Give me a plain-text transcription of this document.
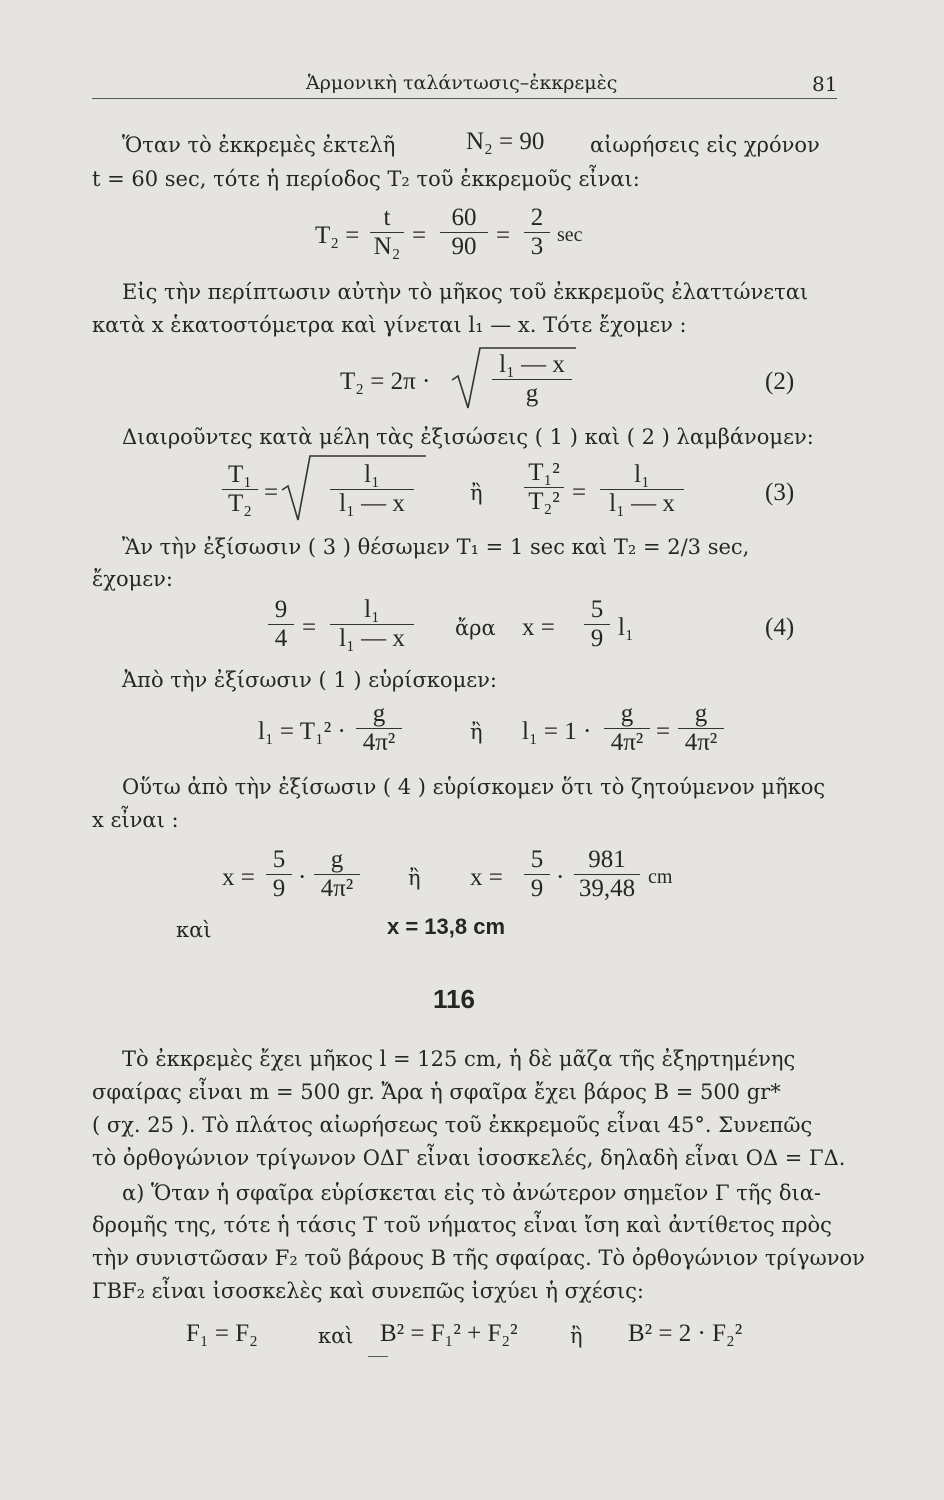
Ἁρμονικὴ ταλάντωσις–ἐκκρεμὲς	81
Ὅταν τὸ ἐκκρεμὲς ἐκτελῆ	N₂ = 90 αἰωρήσεις εἰς χρόνον
t = 60 sec, τότε ἡ περίοδος T₂ τοῦ ἐκκρεμοῦς εἶναι:
T₂ =
t
N₂ =
60
90 =
2
3 sec
Εἰς τὴν περίπτωσιν αὐτὴν τὸ μῆκος τοῦ ἐκκρεμοῦς ἐλαττώνεται
κατὰ x ἑκατοστόμετρα καὶ γίνεται l₁ — x. Τότε ἔχομεν :
T₂ = 2π ·
l₁ — x
g	(2)
Διαιροῦντες κατὰ μέλη τὰς ἐξισώσεις ( 1 ) καὶ ( 2 ) λαμβάνομεν:
T₁
T₂ =
l₁
l₁ — x	ἢ
T₁²
T₂² =
l₁
l₁ — x	(3)
Ἂν τὴν ἐξίσωσιν ( 3 ) θέσωμεν T₁ = 1 sec καὶ T₂ = 2/3 sec,
ἔχομεν:
9
4 =
l₁
l₁ — x ἄρα x =
5
9 l₁	(4)
Ἀπὸ τὴν ἐξίσωσιν ( 1 ) εὑρίσκομεν:
l₁ = T₁² ·
g
4π²	ἢ l₁ = 1 ·
g
4π² =
g
4π²
Οὕτω ἀπὸ τὴν ἐξίσωσιν ( 4 ) εὑρίσκομεν ὅτι τὸ ζητούμενον μῆκος
x εἶναι :
x =
5
9 ·
g
4π²	ἢ x =
5
9 ·
981
39,48 cm
καὶ	x = 13,8 cm
116
Τὸ ἐκκρεμὲς ἔχει μῆκος l = 125 cm, ἡ δὲ μᾶζα τῆς ἐξηρτημένης
σφαίρας εἶναι m = 500 gr. Ἄρα ἡ σφαῖρα ἔχει βάρος B = 500 gr*
( σχ. 25 ). Τὸ πλάτος αἰωρήσεως τοῦ ἐκκρεμοῦς εἶναι 45°. Συνεπῶς
τὸ ὀρθογώνιον τρίγωνον ΟΔΓ εἶναι ἰσοσκελές, δηλαδὴ εἶναι ΟΔ = ΓΔ.
α) Ὅταν ἡ σφαῖρα εὑρίσκεται εἰς τὸ ἀνώτερον σημεῖον Γ τῆς δια-
δρομῆς της, τότε ἡ τάσις T τοῦ νήματος εἶναι ἴση καὶ ἀντίθετος πρὸς
τὴν συνιστῶσαν F₂ τοῦ βάρους B τῆς σφαίρας. Τὸ ὀρθογώνιον τρίγωνον
ΓBF₂ εἶναι ἰσοσκελὲς καὶ συνεπῶς ἰσχύει ἡ σχέσις:
F₁ = F₂	καὶ B² = F₁² + F₂² ἢ B² = 2 · F₂²
